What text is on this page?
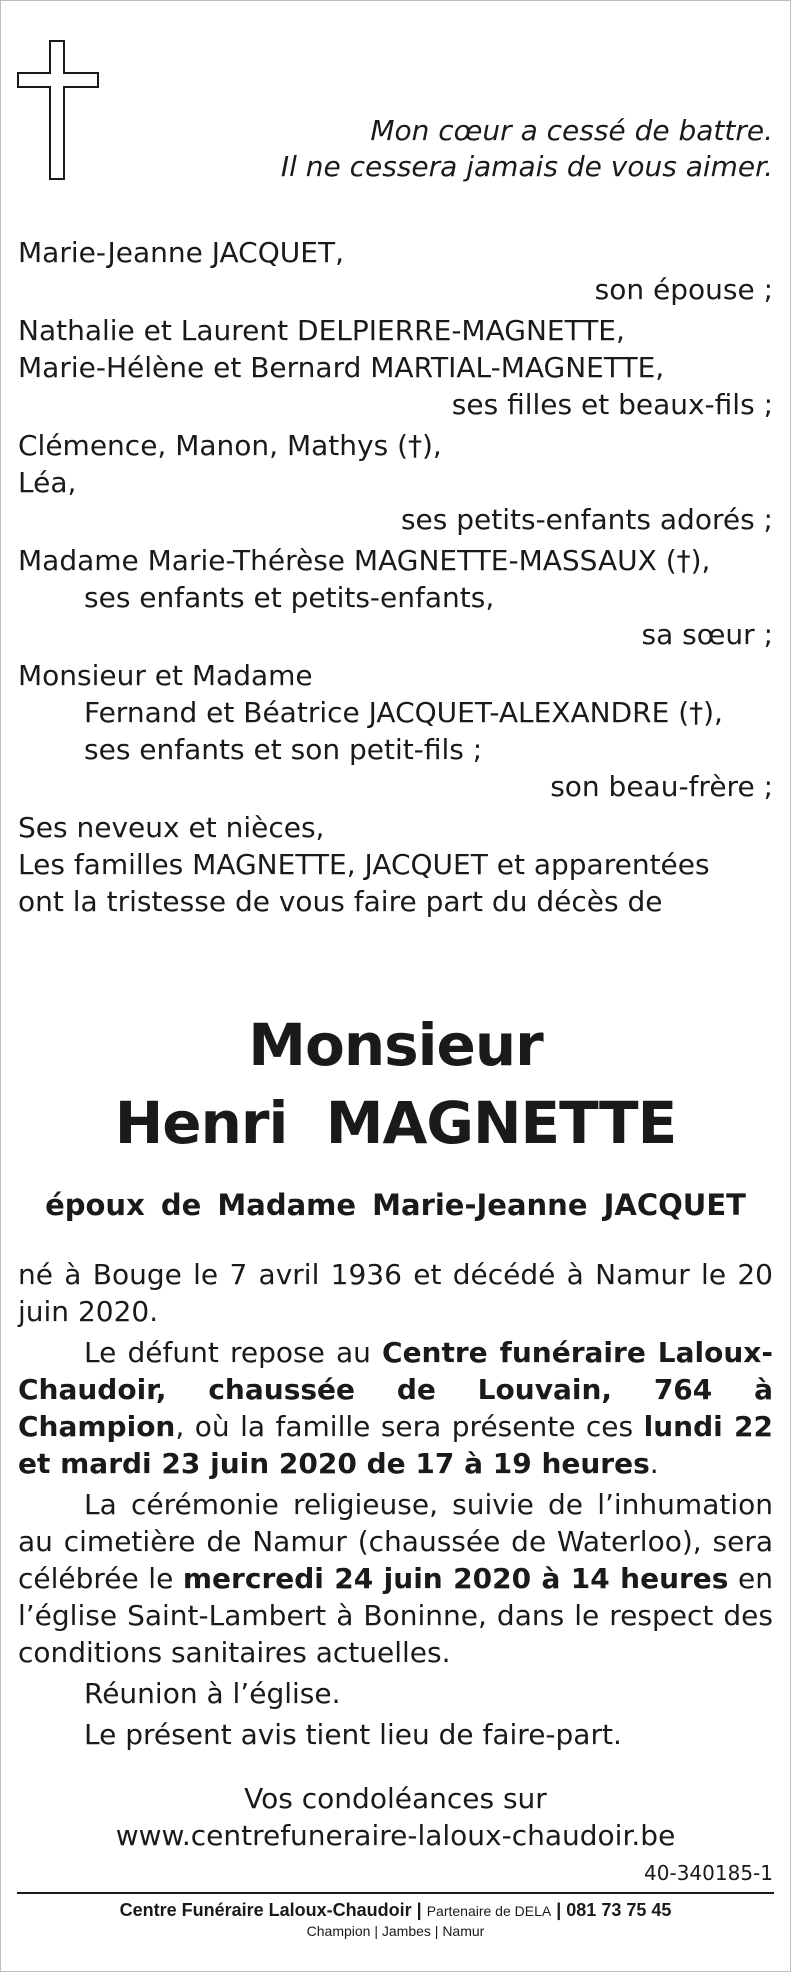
Mon cœur a cessé de battre.
Il ne cessera jamais de vous aimer.
Marie-Jeanne JACQUET,
son épouse ;
Nathalie et Laurent DELPIERRE-MAGNETTE,
Marie-Hélène et Bernard MARTIAL-MAGNETTE,
ses filles et beaux-fils ;
Clémence, Manon, Mathys (†),
Léa,
ses petits-enfants adorés ;
Madame Marie-Thérèse MAGNETTE-MASSAUX (†),
ses enfants et petits-enfants,
sa sœur ;
Monsieur et Madame
Fernand et Béatrice JACQUET-ALEXANDRE (†),
ses enfants et son petit-fils ;
son beau-frère ;
Ses neveux et nièces,
Les familles MAGNETTE, JACQUET et apparentées
ont la tristesse de vous faire part du décès de
Monsieur
Henri  MAGNETTE
époux de Madame Marie-Jeanne JACQUET

né à Bouge le 7 avril 1936 et décédé à Namur le 20 juin 2020.

Le défunt repose au Centre funéraire Laloux-Chaudoir, chaussée de Louvain, 764 à Champion, où la famille sera présente ces lundi 22 et mardi 23 juin 2020 de 17 à 19 heures.

La cérémonie religieuse, suivie de l’inhumation au cimetière de Namur (chaussée de Waterloo), sera célébrée le mercredi 24 juin 2020 à 14 heures en l’église Saint-Lambert à Boninne, dans le respect des conditions sanitaires actuelles.

Réunion à l’église.

Le présent avis tient lieu de faire-part.

Vos condoléances sur
www.centrefuneraire-laloux-chaudoir.be
40-340185-1
Centre Funéraire Laloux-Chaudoir | Partenaire de DELA | 081 73 75 45
Champion | Jambes | Namur
